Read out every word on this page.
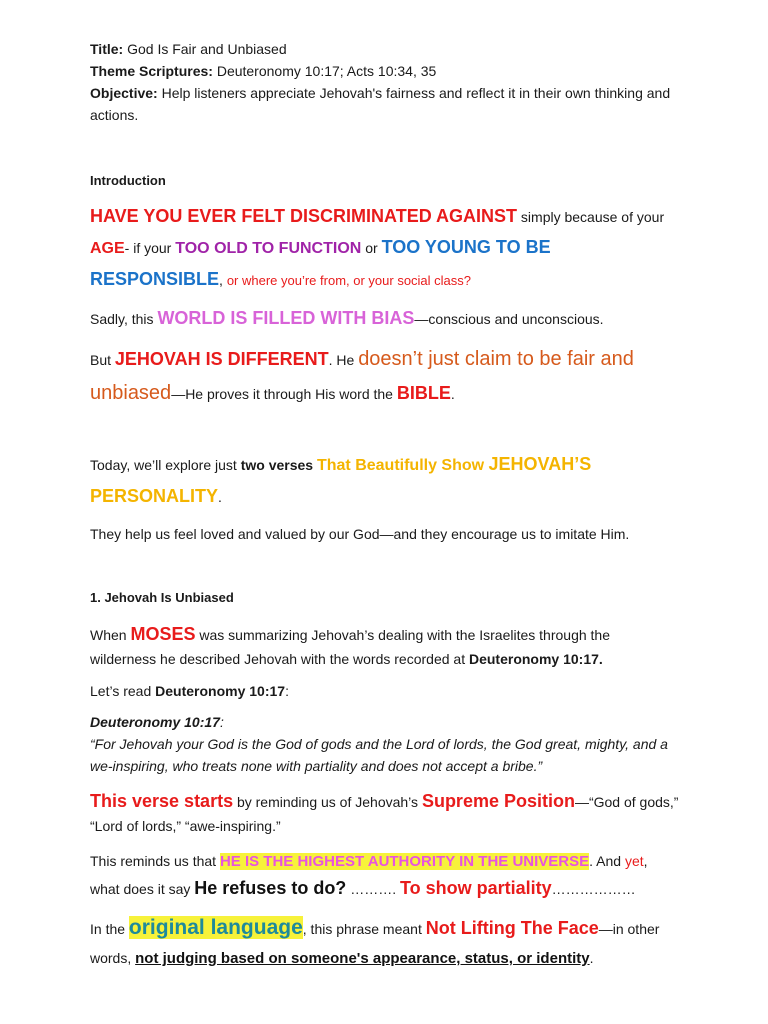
Title: God Is Fair and Unbiased

Theme Scriptures: Deuteronomy 10:17; Acts 10:34, 35

Objective: Help listeners appreciate Jehovah's fairness and reflect it in their own thinking and actions.

Introduction

HAVE YOU EVER FELT DISCRIMINATED AGAINST simply because of your AGE- if your TOO OLD TO FUNCTION or TOO YOUNG TO BE RESPONSIBLE, or where you’re from, or your social class?

Sadly, this WORLD IS FILLED WITH BIAS—conscious and unconscious.

But JEHOVAH IS DIFFERENT. He doesn’t just claim to be fair and unbiased—He proves it through His word the BIBLE.

Today, we’ll explore just two verses That Beautifully Show JEHOVAH’S PERSONALITY.

They help us feel loved and valued by our God—and they encourage us to imitate Him.

1. Jehovah Is Unbiased

When MOSES was summarizing Jehovah’s dealing with the Israelites through the wilderness he described Jehovah with the words recorded at Deuteronomy 10:17.

Let’s read Deuteronomy 10:17:

Deuteronomy 10:17:

“For Jehovah your God is the God of gods and the Lord of lords, the God great, mighty, and a we-inspiring, who treats none with partiality and does not accept a bribe.”

This verse starts by reminding us of Jehovah’s Supreme Position—“God of gods,” “Lord of lords,” “awe-inspiring.”

This reminds us that HE IS THE HIGHEST AUTHORITY IN THE UNIVERSE. And yet, what does it say He refuses to do? ………. To show partiality………………

In the original language, this phrase meant Not Lifting The Face—in other words, not judging based on someone's appearance, status, or identity.
